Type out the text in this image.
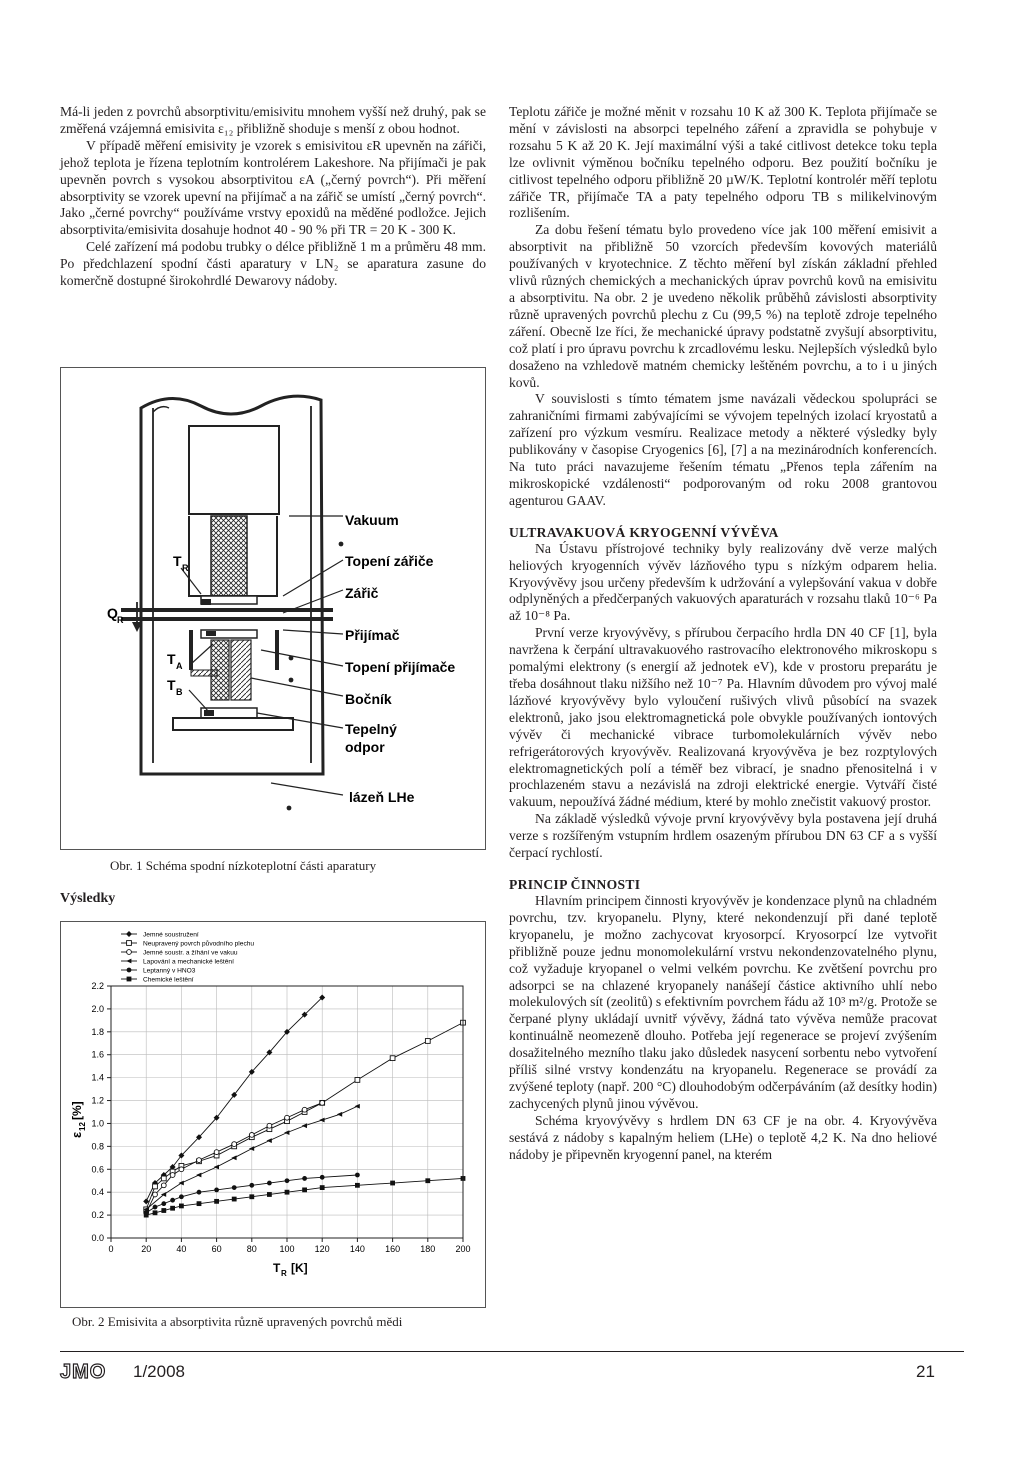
Má-li jeden z povrchů absorptivitu/emisivitu mnohem vyšší než druhý, pak se změřená vzájemná emisivita ε₁₂ přibližně shoduje s menší z obou hodnot.

V případě měření emisivity je vzorek s emisivitou εR upevněn na zářiči, jehož teplota je řízena teplotním kontrolérem Lakeshore. Na přijímači je pak upevněn povrch s vysokou absorptivitou εA („černý povrch“). Při měření absorptivity se vzorek upevní na přijímač a na zářič se umístí „černý povrch“. Jako „černé povrchy“ používáme vrstvy epoxidů na měděné podložce. Jejich absorptivita/emisivita dosahuje hodnot 40 - 90 % při TR = 20 K - 300 K.

Celé zařízení má podobu trubky o délce přibližně 1 m a průměru 48 mm. Po předchlazení spodní části aparatury v LN₂ se aparatura zasune do komerčně dostupné širokohrdlé Dewarovy nádoby.

Vakuum
Topení zářiče
Zářič
Přijímač
Topení přijímače
Bočník
Tepelný
odpor
lázeň LHe
T R
T A
T B
Q R
Obr. 1 Schéma spodní nízkoteplotní části aparatury
Výsledky
0	20	40	60	80	100 120 140 160 180 200
0.0
0.2
0.4
0.6
0.8
1.0
1.2
1.4
1.6
1.8
2.0
2.2
T R [K]
ε
12
[%]
Jemné soustružení
Neupravený povrch původního plechu
Jemné soustr. a žíhání ve vakuu
Lapování a mechanické leštění
Leptanný v HNO3
Chemické leštění
Obr. 2 Emisivita a absorptivita různě upravených povrchů mědi

Teplotu zářiče je možné měnit v rozsahu 10 K až 300 K. Teplota přijímače se mění v závislosti na absorpci tepelného záření a zpravidla se pohybuje v rozsahu 5 K až 20 K. Její maximální výši a také citlivost detekce toku tepla lze ovlivnit výměnou bočníku tepelného odporu. Bez použití bočníku je citlivost tepelného odporu přibližně 20 µW/K. Teplotní kontrolér měří teplotu zářiče TR, přijímače TA a paty tepelného odporu TB s milikelvinovým rozlišením.

Za dobu řešení tématu bylo provedeno více jak 100 měření emisivit a absorptivit na přibližně 50 vzorcích především kovových materiálů používaných v kryotechnice. Z těchto měření byl získán základní přehled vlivů různých chemických a mechanických úprav povrchů kovů na emisivitu a absorptivitu. Na obr. 2 je uvedeno několik průběhů závislosti absorptivity různě upravených povrchů plechu z Cu (99,5 %) na teplotě zdroje tepelného záření. Obecně lze říci, že mechanické úpravy podstatně zvyšují absorptivitu, což platí i pro úpravu povrchu k zrcadlovému lesku. Nejlepších výsledků bylo dosaženo na vzhledově matném chemicky leštěném povrchu, a to i u jiných kovů.

V souvislosti s tímto tématem jsme navázali vědeckou spolupráci se zahraničními firmami zabývajícími se vývojem tepelných izolací kryostatů a zařízení pro výzkum vesmíru. Realizace metody a některé výsledky byly publikovány v časopise Cryogenics [6], [7] a na mezinárodních konferencích. Na tuto práci navazujeme řešením tématu „Přenos tepla zářením na mikroskopické vzdálenosti“ podporovaným od roku 2008 grantovou agenturou GAAV.

ULTRAVAKUOVÁ KRYOGENNÍ VÝVĚVA

Na Ústavu přístrojové techniky byly realizovány dvě verze malých heliových kryogenních vývěv lázňového typu s nízkým odparem helia. Kryovývěvy jsou určeny především k udržování a vylepšování vakua v dobře odplyněných a předčerpaných vakuových aparaturách v rozsahu tlaků 10⁻⁶ Pa až 10⁻⁸ Pa.

První verze kryovývěvy, s přírubou čerpacího hrdla DN 40 CF [1], byla navržena k čerpání ultravakuového rastrovacího elektronového mikroskopu s pomalými elektrony (s energií až jednotek eV), kde v prostoru preparátu je třeba dosáhnout tlaku nižšího než 10⁻⁷ Pa. Hlavním důvodem pro vývoj malé lázňové kryovývěvy bylo vyloučení rušivých vlivů působící na svazek elektronů, jako jsou elektromagnetická pole obvykle používaných iontových vývěv či mechanické vibrace turbomolekulárních vývěv nebo refrigerátorových kryovývěv. Realizovaná kryovývěva je bez rozptylových elektromagnetických polí a téměř bez vibrací, je snadno přenositelná i v prochlazeném stavu a nezávislá na zdroji elektrické energie. Vytváří čisté vakuum, nepoužívá žádné médium, které by mohlo znečistit vakuový prostor.

Na základě výsledků vývoje první kryovývěvy byla postavena její druhá verze s rozšířeným vstupním hrdlem osazeným přírubou DN 63 CF a s vyšší čerpací rychlostí.

PRINCIP ČINNOSTI

Hlavním principem činnosti kryovývěv je kondenzace plynů na chladném povrchu, tzv. kryopanelu. Plyny, které nekondenzují při dané teplotě kryopanelu, je možno zachycovat kryosorpcí. Kryosorpcí lze vytvořit přibližně pouze jednu monomolekulární vrstvu nekondenzovatelného plynu, což vyžaduje kryopanel o velmi velkém povrchu. Ke zvětšení povrchu pro adsorpci se na chlazené kryopanely nanášejí částice aktivního uhlí nebo molekulových sít (zeolitů) s efektivním povrchem řádu až 10³ m²/g. Protože se čerpané plyny ukládají uvnitř vývěvy, žádná tato vývěva nemůže pracovat kontinuálně neomezeně dlouho. Potřeba její regenerace se projeví zvýšením dosažitelného mezního tlaku jako důsledek nasycení sorbentu nebo vytvoření příliš silné vrstvy kondenzátu na kryopanelu. Regenerace se provádí za zvýšené teploty (např. 200 °C) dlouhodobým odčerpáváním (až desítky hodin) zachycených plynů jinou vývěvou.

Schéma kryovývěvy s hrdlem DN 63 CF je na obr. 4. Kryovývěva sestává z nádoby s kapalným heliem (LHe) o teplotě 4,2 K. Na dno heliové nádoby je připevněn kryogenní panel, na kterém

JMO 1/2008	21
